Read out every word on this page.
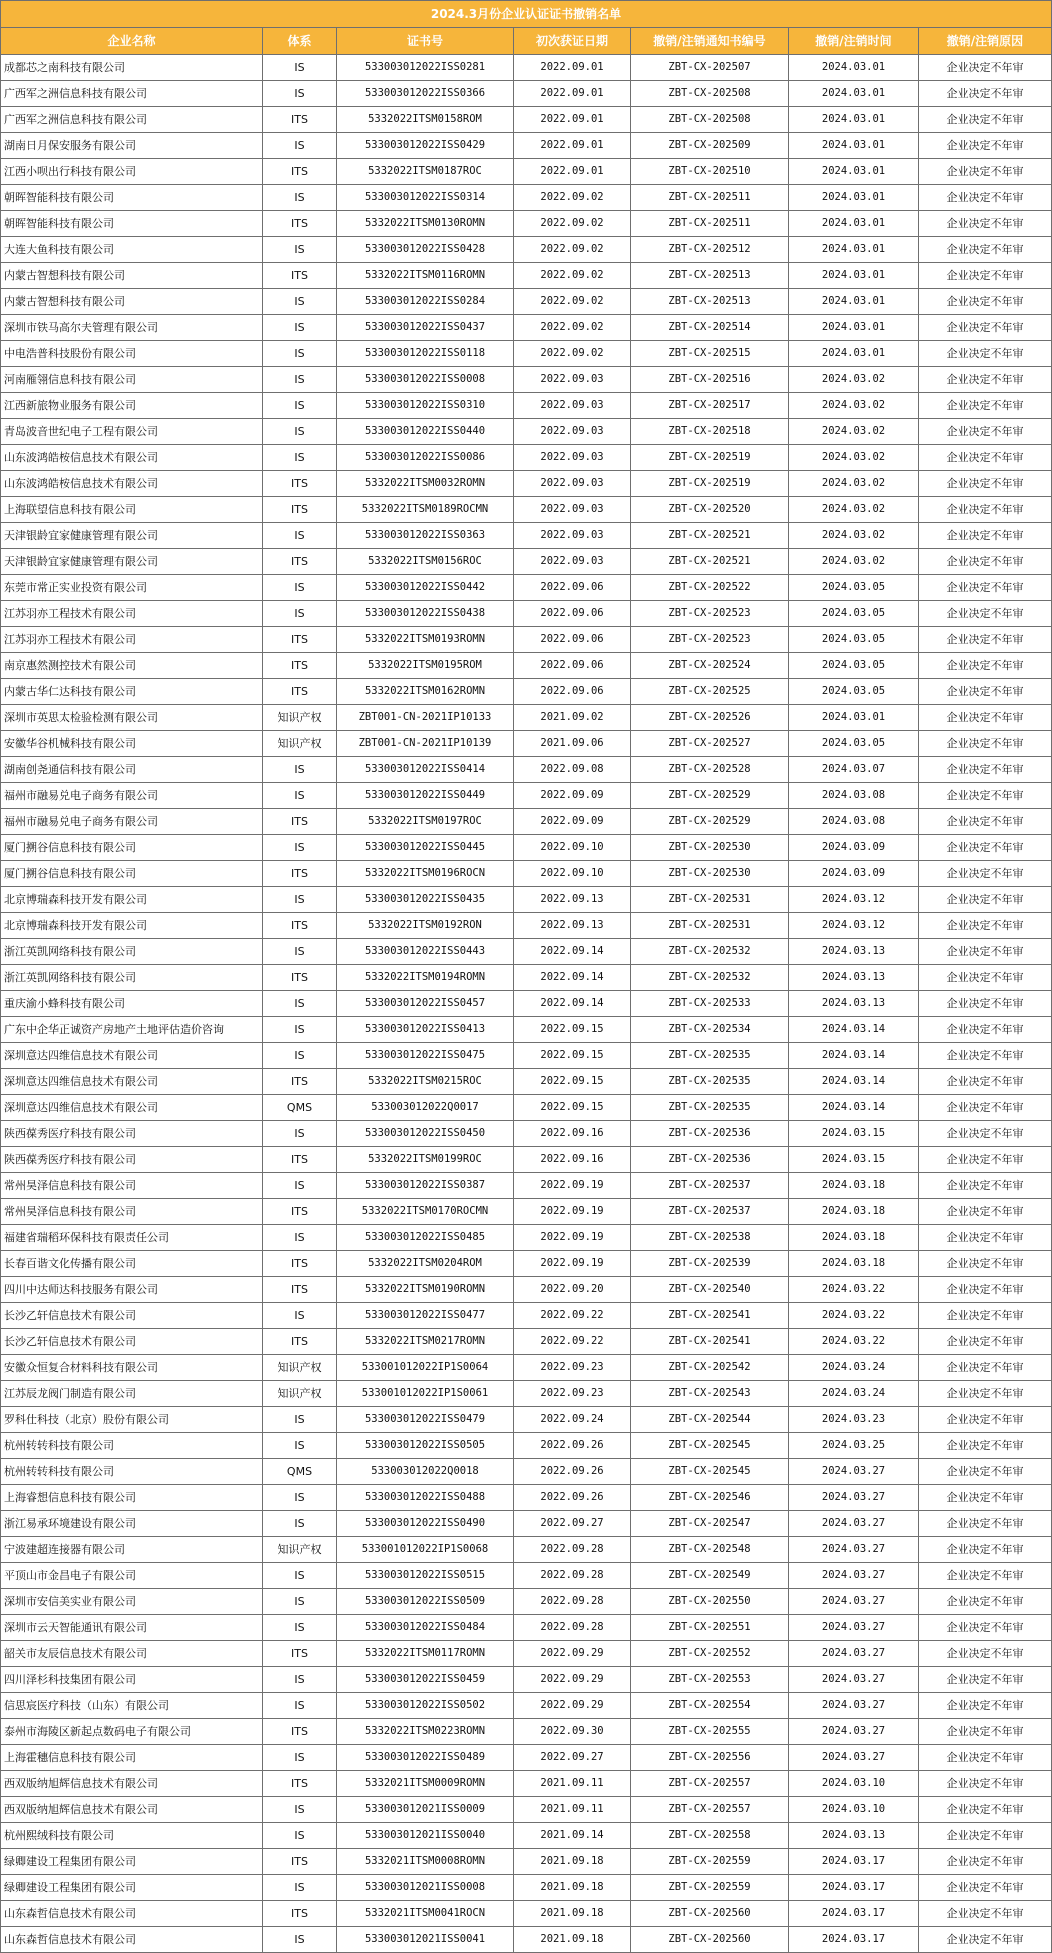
2024.3月份企业认证证书撤销名单						
企业名称	体系	证书号	初次获证日期	撤销/注销通知书编号	撤销/注销时间	撤销/注销原因
成都芯之南科技有限公司	IS	533003012022ISS0281	2022.09.01	ZBT-CX-202507	2024.03.01	企业决定不年审
广西军之洲信息科技有限公司	IS	533003012022ISS0366	2022.09.01	ZBT-CX-202508	2024.03.01	企业决定不年审
广西军之洲信息科技有限公司	ITS	5332022ITSM0158ROM	2022.09.01	ZBT-CX-202508	2024.03.01	企业决定不年审
湖南日月保安服务有限公司	IS	533003012022ISS0429	2022.09.01	ZBT-CX-202509	2024.03.01	企业决定不年审
江西小呗出行科技有限公司	ITS	5332022ITSM0187ROC	2022.09.01	ZBT-CX-202510	2024.03.01	企业决定不年审
朝晖智能科技有限公司	IS	533003012022ISS0314	2022.09.02	ZBT-CX-202511	2024.03.01	企业决定不年审
朝晖智能科技有限公司	ITS	5332022ITSM0130ROMN	2022.09.02	ZBT-CX-202511	2024.03.01	企业决定不年审
大连大鱼科技有限公司	IS	533003012022ISS0428	2022.09.02	ZBT-CX-202512	2024.03.01	企业决定不年审
内蒙古智想科技有限公司	ITS	5332022ITSM0116ROMN	2022.09.02	ZBT-CX-202513	2024.03.01	企业决定不年审
内蒙古智想科技有限公司	IS	533003012022ISS0284	2022.09.02	ZBT-CX-202513	2024.03.01	企业决定不年审
深圳市铁马高尔夫管理有限公司	IS	533003012022ISS0437	2022.09.02	ZBT-CX-202514	2024.03.01	企业决定不年审
中电浩普科技股份有限公司	IS	533003012022ISS0118	2022.09.02	ZBT-CX-202515	2024.03.01	企业决定不年审
河南雁翎信息科技有限公司	IS	533003012022ISS0008	2022.09.03	ZBT-CX-202516	2024.03.02	企业决定不年审
江西新旅物业服务有限公司	IS	533003012022ISS0310	2022.09.03	ZBT-CX-202517	2024.03.02	企业决定不年审
青岛波音世纪电子工程有限公司	IS	533003012022ISS0440	2022.09.03	ZBT-CX-202518	2024.03.02	企业决定不年审
山东波鸿皓桉信息技术有限公司	IS	533003012022ISS0086	2022.09.03	ZBT-CX-202519	2024.03.02	企业决定不年审
山东波鸿皓桉信息技术有限公司	ITS	5332022ITSM0032ROMN	2022.09.03	ZBT-CX-202519	2024.03.02	企业决定不年审
上海联望信息科技有限公司	ITS	5332022ITSM0189ROCMN	2022.09.03	ZBT-CX-202520	2024.03.02	企业决定不年审
天津银龄宜家健康管理有限公司	IS	533003012022ISS0363	2022.09.03	ZBT-CX-202521	2024.03.02	企业决定不年审
天津银龄宜家健康管理有限公司	ITS	5332022ITSM0156ROC	2022.09.03	ZBT-CX-202521	2024.03.02	企业决定不年审
东莞市常正实业投资有限公司	IS	533003012022ISS0442	2022.09.06	ZBT-CX-202522	2024.03.05	企业决定不年审
江苏羽亦工程技术有限公司	IS	533003012022ISS0438	2022.09.06	ZBT-CX-202523	2024.03.05	企业决定不年审
江苏羽亦工程技术有限公司	ITS	5332022ITSM0193ROMN	2022.09.06	ZBT-CX-202523	2024.03.05	企业决定不年审
南京惠然测控技术有限公司	ITS	5332022ITSM0195ROM	2022.09.06	ZBT-CX-202524	2024.03.05	企业决定不年审
内蒙古华仁达科技有限公司	ITS	5332022ITSM0162ROMN	2022.09.06	ZBT-CX-202525	2024.03.05	企业决定不年审
深圳市英思太检验检测有限公司	知识产权	ZBT001-CN-2021IP10133	2021.09.02	ZBT-CX-202526	2024.03.01	企业决定不年审
安徽华谷机械科技有限公司	知识产权	ZBT001-CN-2021IP10139	2021.09.06	ZBT-CX-202527	2024.03.05	企业决定不年审
湖南创尧通信科技有限公司	IS	533003012022ISS0414	2022.09.08	ZBT-CX-202528	2024.03.07	企业决定不年审
福州市融易兑电子商务有限公司	IS	533003012022ISS0449	2022.09.09	ZBT-CX-202529	2024.03.08	企业决定不年审
福州市融易兑电子商务有限公司	ITS	5332022ITSM0197ROC	2022.09.09	ZBT-CX-202529	2024.03.08	企业决定不年审
厦门搠谷信息科技有限公司	IS	533003012022ISS0445	2022.09.10	ZBT-CX-202530	2024.03.09	企业决定不年审
厦门搠谷信息科技有限公司	ITS	5332022ITSM0196ROCN	2022.09.10	ZBT-CX-202530	2024.03.09	企业决定不年审
北京博瑞森科技开发有限公司	IS	533003012022ISS0435	2022.09.13	ZBT-CX-202531	2024.03.12	企业决定不年审
北京博瑞森科技开发有限公司	ITS	5332022ITSM0192RON	2022.09.13	ZBT-CX-202531	2024.03.12	企业决定不年审
浙江英凯网络科技有限公司	IS	533003012022ISS0443	2022.09.14	ZBT-CX-202532	2024.03.13	企业决定不年审
浙江英凯网络科技有限公司	ITS	5332022ITSM0194ROMN	2022.09.14	ZBT-CX-202532	2024.03.13	企业决定不年审
重庆渝小蜂科技有限公司	IS	533003012022ISS0457	2022.09.14	ZBT-CX-202533	2024.03.13	企业决定不年审
广东中企华正诚资产房地产土地评估造价咨询	IS	533003012022ISS0413	2022.09.15	ZBT-CX-202534	2024.03.14	企业决定不年审
深圳意达四维信息技术有限公司	IS	533003012022ISS0475	2022.09.15	ZBT-CX-202535	2024.03.14	企业决定不年审
深圳意达四维信息技术有限公司	ITS	5332022ITSM0215ROC	2022.09.15	ZBT-CX-202535	2024.03.14	企业决定不年审
深圳意达四维信息技术有限公司	QMS	533003012022Q0017	2022.09.15	ZBT-CX-202535	2024.03.14	企业决定不年审
陕西葆秀医疗科技有限公司	IS	533003012022ISS0450	2022.09.16	ZBT-CX-202536	2024.03.15	企业决定不年审
陕西葆秀医疗科技有限公司	ITS	5332022ITSM0199ROC	2022.09.16	ZBT-CX-202536	2024.03.15	企业决定不年审
常州昊泽信息科技有限公司	IS	533003012022ISS0387	2022.09.19	ZBT-CX-202537	2024.03.18	企业决定不年审
常州昊泽信息科技有限公司	ITS	5332022ITSM0170ROCMN	2022.09.19	ZBT-CX-202537	2024.03.18	企业决定不年审
福建省瑞稻环保科技有限责任公司	IS	533003012022ISS0485	2022.09.19	ZBT-CX-202538	2024.03.18	企业决定不年审
长春百谐文化传播有限公司	ITS	5332022ITSM0204ROM	2022.09.19	ZBT-CX-202539	2024.03.18	企业决定不年审
四川中达师达科技服务有限公司	ITS	5332022ITSM0190ROMN	2022.09.20	ZBT-CX-202540	2024.03.22	企业决定不年审
长沙乙轩信息技术有限公司	IS	533003012022ISS0477	2022.09.22	ZBT-CX-202541	2024.03.22	企业决定不年审
长沙乙轩信息技术有限公司	ITS	5332022ITSM0217ROMN	2022.09.22	ZBT-CX-202541	2024.03.22	企业决定不年审
安徽众恒复合材料科技有限公司	知识产权	533001012022IP1S0064	2022.09.23	ZBT-CX-202542	2024.03.24	企业决定不年审
江苏辰龙阀门制造有限公司	知识产权	533001012022IP1S0061	2022.09.23	ZBT-CX-202543	2024.03.24	企业决定不年审
罗科仕科技（北京）股份有限公司	IS	533003012022ISS0479	2022.09.24	ZBT-CX-202544	2024.03.23	企业决定不年审
杭州转转科技有限公司	IS	533003012022ISS0505	2022.09.26	ZBT-CX-202545	2024.03.25	企业决定不年审
杭州转转科技有限公司	QMS	533003012022Q0018	2022.09.26	ZBT-CX-202545	2024.03.27	企业决定不年审
上海睿想信息科技有限公司	IS	533003012022ISS0488	2022.09.26	ZBT-CX-202546	2024.03.27	企业决定不年审
浙江易承环境建设有限公司	IS	533003012022ISS0490	2022.09.27	ZBT-CX-202547	2024.03.27	企业决定不年审
宁波建超连接器有限公司	知识产权	533001012022IP1S0068	2022.09.28	ZBT-CX-202548	2024.03.27	企业决定不年审
平顶山市金昌电子有限公司	IS	533003012022ISS0515	2022.09.28	ZBT-CX-202549	2024.03.27	企业决定不年审
深圳市安信美实业有限公司	IS	533003012022ISS0509	2022.09.28	ZBT-CX-202550	2024.03.27	企业决定不年审
深圳市云天智能通讯有限公司	IS	533003012022ISS0484	2022.09.28	ZBT-CX-202551	2024.03.27	企业决定不年审
韶关市友辰信息技术有限公司	ITS	5332022ITSM0117ROMN	2022.09.29	ZBT-CX-202552	2024.03.27	企业决定不年审
四川泽杉科技集团有限公司	IS	533003012022ISS0459	2022.09.29	ZBT-CX-202553	2024.03.27	企业决定不年审
信思宸医疗科技（山东）有限公司	IS	533003012022ISS0502	2022.09.29	ZBT-CX-202554	2024.03.27	企业决定不年审
泰州市海陵区新起点数码电子有限公司	ITS	5332022ITSM0223ROMN	2022.09.30	ZBT-CX-202555	2024.03.27	企业决定不年审
上海霍穗信息科技有限公司	IS	533003012022ISS0489	2022.09.27	ZBT-CX-202556	2024.03.27	企业决定不年审
西双版纳旭辉信息技术有限公司	ITS	5332021ITSM0009ROMN	2021.09.11	ZBT-CX-202557	2024.03.10	企业决定不年审
西双版纳旭辉信息技术有限公司	IS	533003012021ISS0009	2021.09.11	ZBT-CX-202557	2024.03.10	企业决定不年审
杭州熙绒科技有限公司	IS	533003012021ISS0040	2021.09.14	ZBT-CX-202558	2024.03.13	企业决定不年审
绿卿建设工程集团有限公司	ITS	5332021ITSM0008ROMN	2021.09.18	ZBT-CX-202559	2024.03.17	企业决定不年审
绿卿建设工程集团有限公司	IS	533003012021ISS0008	2021.09.18	ZBT-CX-202559	2024.03.17	企业决定不年审
山东森哲信息技术有限公司	ITS	5332021ITSM0041ROCN	2021.09.18	ZBT-CX-202560	2024.03.17	企业决定不年审
山东森哲信息技术有限公司	IS	533003012021ISS0041	2021.09.18	ZBT-CX-202560	2024.03.17	企业决定不年审
